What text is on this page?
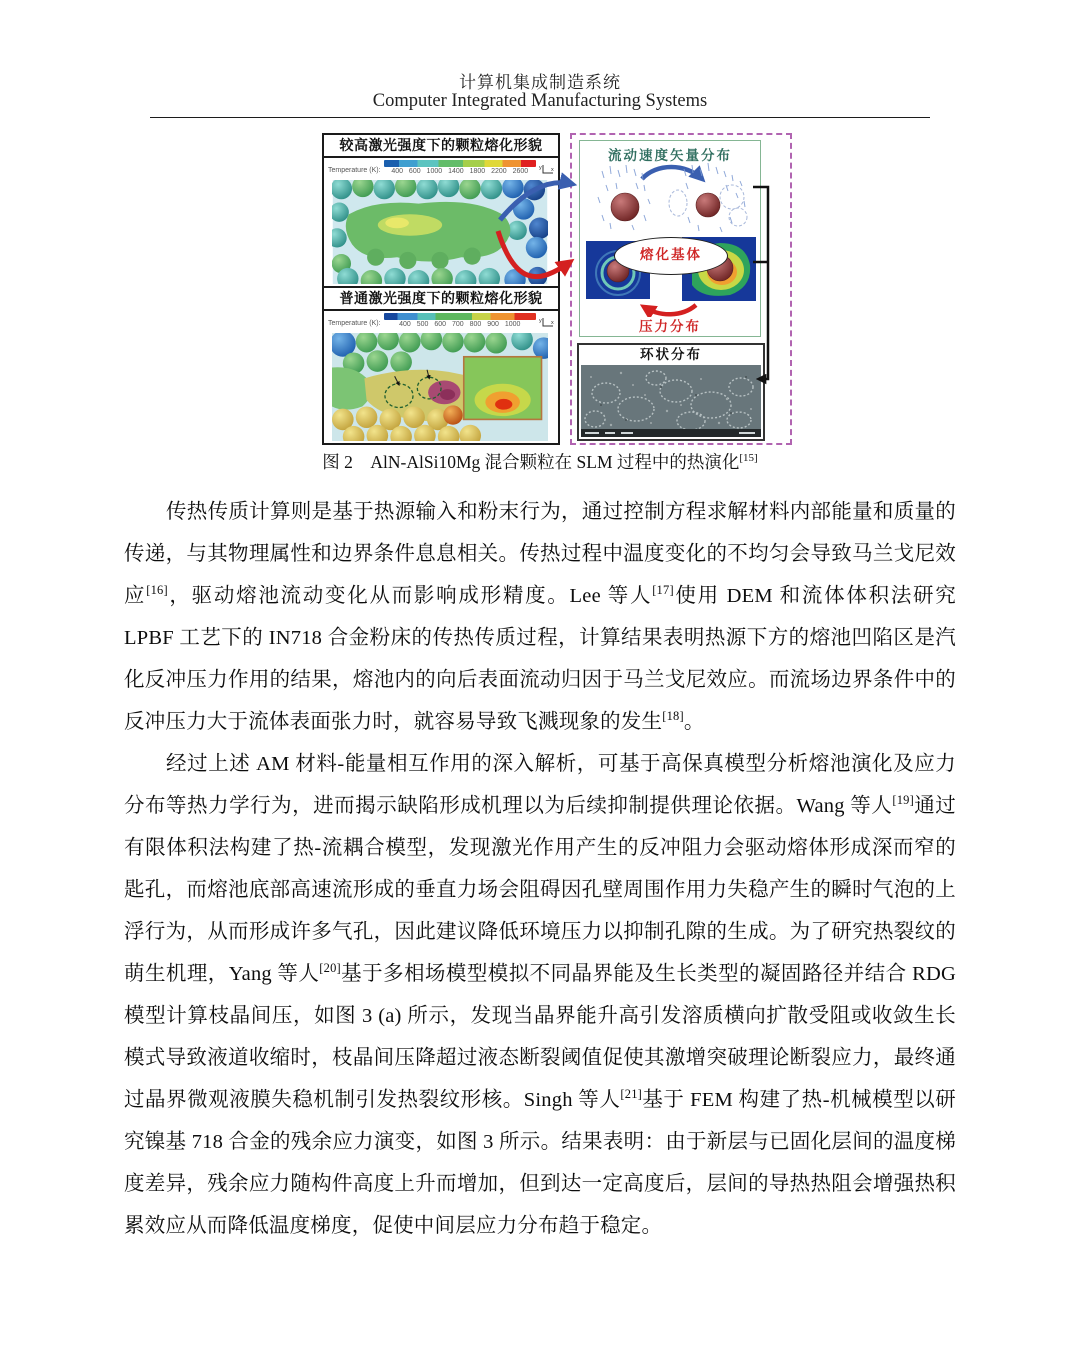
计算机集成制造系统
Computer Integrated Manufacturing Systems
较高激光强度下的颗粒熔化形貌
Temperature (K):	400 600 1000 1400 1800 2200 2600	y x
普通激光强度下的颗粒熔化形貌
Temperature (K):	400 500 600 700 800 900 1000	y x
流动速度矢量分布
熔化基体
压力分布
环状分布
图 2　AlN-AlSi10Mg 混合颗粒在 SLM 过程中的热演化[15]

传热传质计算则是基于热源输入和粉末行为，通过控制方程求解材料内部能量和质量的传递，与其物理属性和边界条件息息相关。传热过程中温度变化的不均匀会导致马兰戈尼效应[16]，驱动熔池流动变化从而影响成形精度。Lee 等人[17]使用 DEM 和流体体积法研究 LPBF 工艺下的 IN718 合金粉床的传热传质过程，计算结果表明热源下方的熔池凹陷区是汽化反冲压力作用的结果，熔池内的向后表面流动归因于马兰戈尼效应。而流场边界条件中的反冲压力大于流体表面张力时，就容易导致飞溅现象的发生[18]。

经过上述 AM 材料-能量相互作用的深入解析，可基于高保真模型分析熔池演化及应力分布等热力学行为，进而揭示缺陷形成机理以为后续抑制提供理论依据。Wang 等人[19]通过有限体积法构建了热-流耦合模型，发现激光作用产生的反冲阻力会驱动熔体形成深而窄的匙孔，而熔池底部高速流形成的垂直力场会阻碍因孔壁周围作用力失稳产生的瞬时气泡的上浮行为，从而形成许多气孔，因此建议降低环境压力以抑制孔隙的生成。为了研究热裂纹的萌生机理，Yang 等人[20]基于多相场模型模拟不同晶界能及生长类型的凝固路径并结合 RDG 模型计算枝晶间压，如图 3 (a) 所示，发现当晶界能升高引发溶质横向扩散受阻或收敛生长模式导致液道收缩时，枝晶间压降超过液态断裂阈值促使其激增突破理论断裂应力，最终通过晶界微观液膜失稳机制引发热裂纹形核。Singh 等人[21]基于 FEM 构建了热-机械模型以研究镍基 718 合金的残余应力演变，如图 3 所示。结果表明：由于新层与已固化层间的温度梯度差异，残余应力随构件高度上升而增加，但到达一定高度后，层间的导热热阻会增强热积累效应从而降低温度梯度，促使中间层应力分布趋于稳定。
